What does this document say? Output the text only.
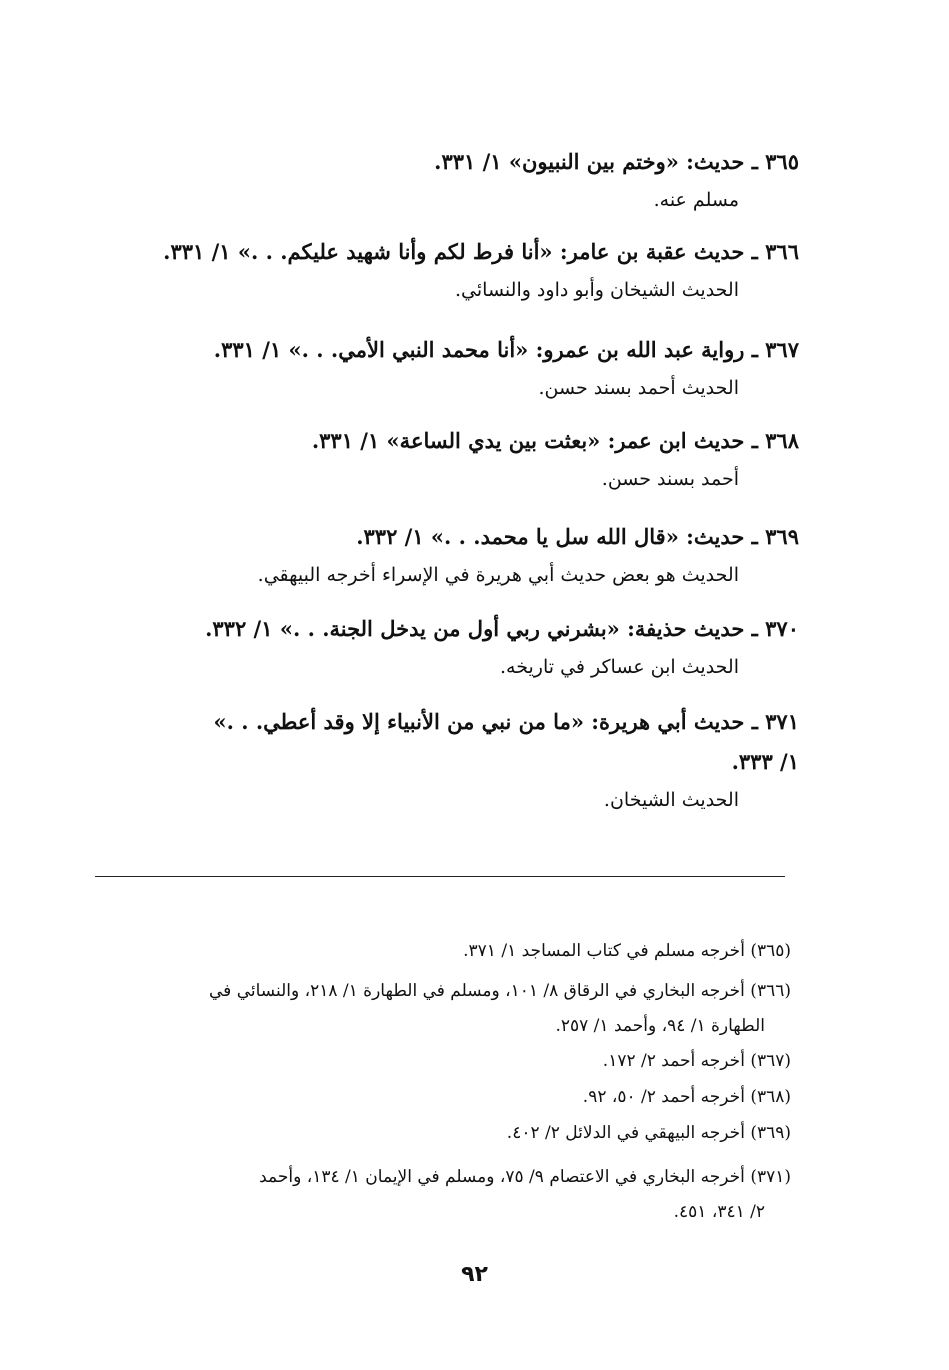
٣٦٥ ـ حديث: «وختم بين النبيون» ١/ ٣٣١.
مسلم عنه.
٣٦٦ ـ حديث عقبة بن عامر: «أنا فرط لكم وأنا شهيد عليكم. . .» ١/ ٣٣١.
الحديث الشيخان وأبو داود والنسائي.
٣٦٧ ـ رواية عبد الله بن عمرو: «أنا محمد النبي الأمي. . .» ١/ ٣٣١.
الحديث أحمد بسند حسن.
٣٦٨ ـ حديث ابن عمر: «بعثت بين يدي الساعة» ١/ ٣٣١.
أحمد بسند حسن.
٣٦٩ ـ حديث: «قال الله سل يا محمد. . .» ١/ ٣٣٢.
الحديث هو بعض حديث أبي هريرة في الإسراء أخرجه البيهقي.
٣٧٠ ـ حديث حذيفة: «بشرني ربي أول من يدخل الجنة. . .» ١/ ٣٣٢.
الحديث ابن عساكر في تاريخه.
٣٧١ ـ حديث أبي هريرة: «ما من نبي من الأنبياء إلا وقد أعطي. . .»
١/ ٣٣٣.
الحديث الشيخان.
(٣٦٥) أخرجه مسلم في كتاب المساجد ١/ ٣٧١.
(٣٦٦) أخرجه البخاري في الرقاق ٨/ ١٠١، ومسلم في الطهارة ١/ ٢١٨، والنسائي في
الطهارة ١/ ٩٤، وأحمد ١/ ٢٥٧.
(٣٦٧) أخرجه أحمد ٢/ ١٧٢.
(٣٦٨) أخرجه أحمد ٢/ ٥٠، ٩٢.
(٣٦٩) أخرجه البيهقي في الدلائل ٢/ ٤٠٢.
(٣٧١) أخرجه البخاري في الاعتصام ٩/ ٧٥، ومسلم في الإيمان ١/ ١٣٤، وأحمد
٢/ ٣٤١، ٤٥١.
٩٢
